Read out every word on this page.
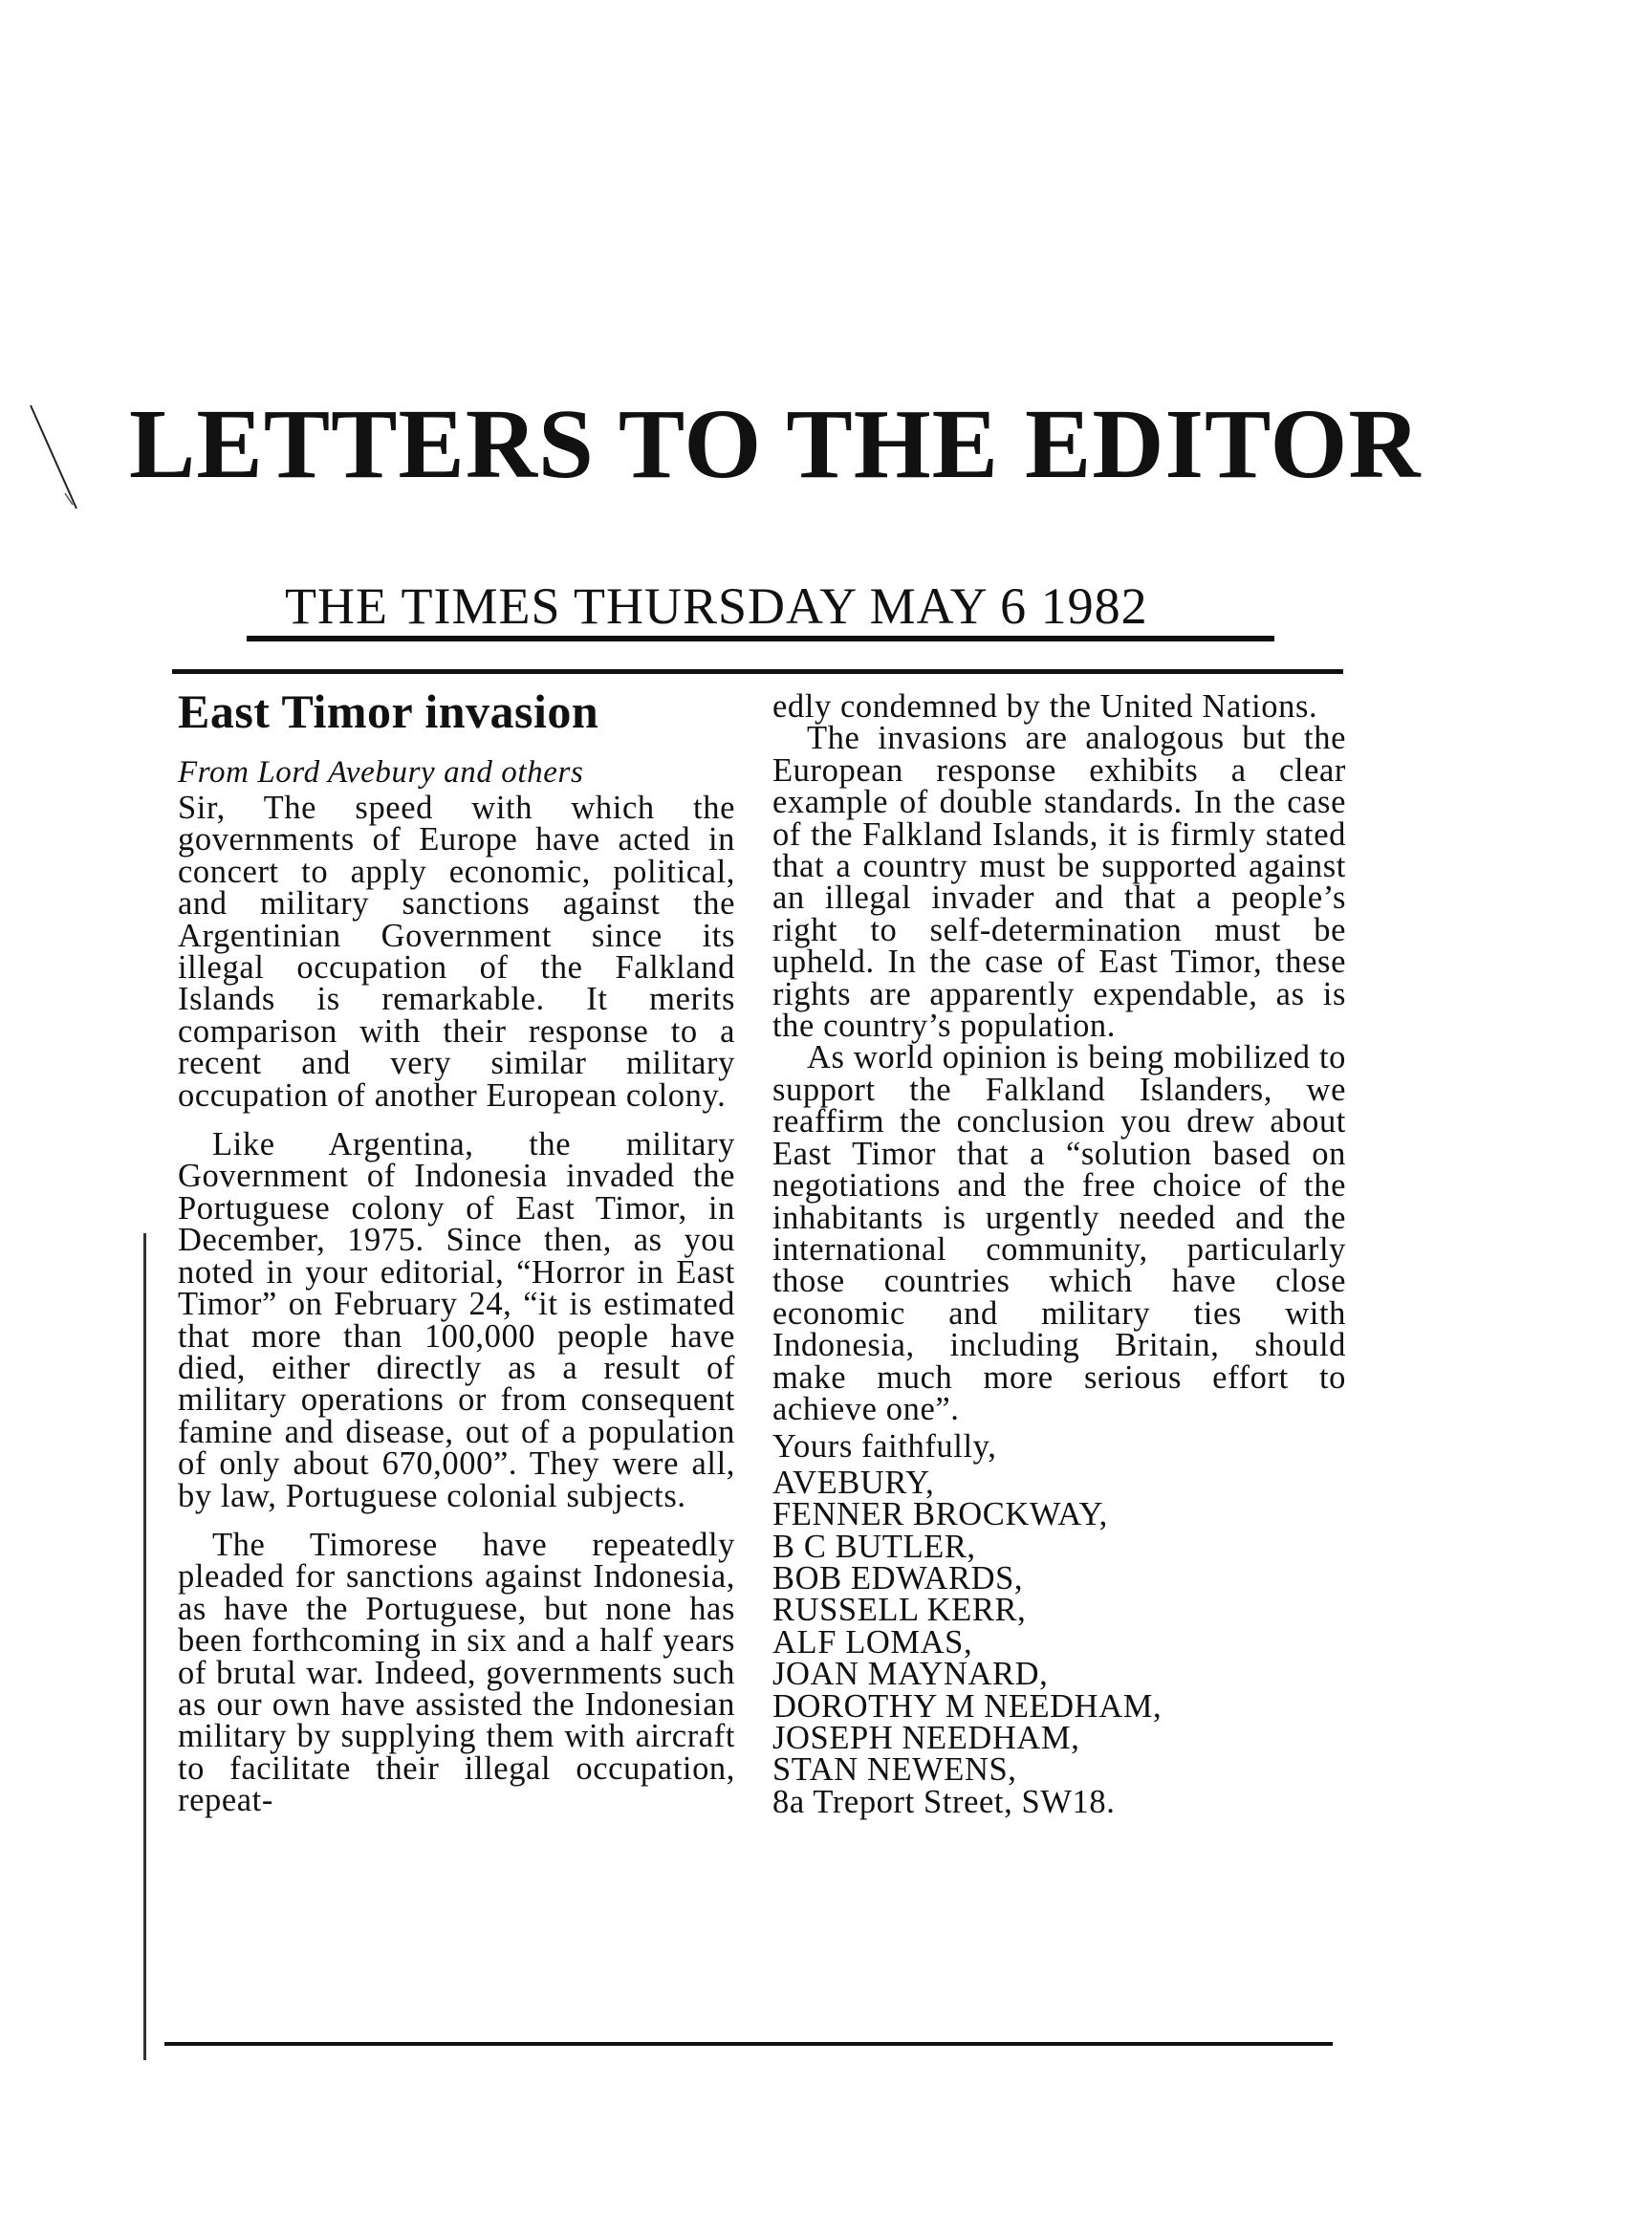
LETTERS TO THE EDITOR
THE TIMES THURSDAY MAY 6 1982
East Timor invasion
From Lord Avebury and others

Sir, The speed with which the governments of Europe have acted in concert to apply economic, political, and military sanctions against the Argentinian Government since its illegal occupation of the Falkland Islands is remarkable. It merits comparison with their response to a recent and very similar military occupation of another European colony.

Like Argentina, the military Government of Indonesia invaded the Portuguese colony of East Timor, in December, 1975. Since then, as you noted in your editorial, “Horror in East Timor” on February 24, “it is estimated that more than 100,000 people have died, either directly as a result of military operations or from consequent famine and disease, out of a population of only about 670,000”. They were all, by law, Portuguese colonial subjects.

The Timorese have repeatedly pleaded for sanctions against Indonesia, as have the Portuguese, but none has been forthcoming in six and a half years of brutal war. Indeed, governments such as our own have assisted the Indonesian military by supplying them with aircraft to facilitate their illegal occupation, repeat-

edly condemned by the United Nations.

The invasions are analogous but the European response exhibits a clear example of double standards. In the case of the Falkland Islands, it is firmly stated that a country must be supported against an illegal invader and that a people’s right to self-determination must be upheld. In the case of East Timor, these rights are apparently expendable, as is the country’s population.

As world opinion is being mobilized to support the Falkland Islanders, we reaffirm the conclusion you drew about East Timor that a “solution based on negotiations and the free choice of the inhabitants is urgently needed and the international community, particularly those countries which have close economic and military ties with Indonesia, including Britain, should make much more serious effort to achieve one”.

Yours faithfully,
AVEBURY,
FENNER BROCKWAY,
B C BUTLER,
BOB EDWARDS,
RUSSELL KERR,
ALF LOMAS,
JOAN MAYNARD,
DOROTHY M NEEDHAM,
JOSEPH NEEDHAM,
STAN NEWENS,
8a Treport Street, SW18.
